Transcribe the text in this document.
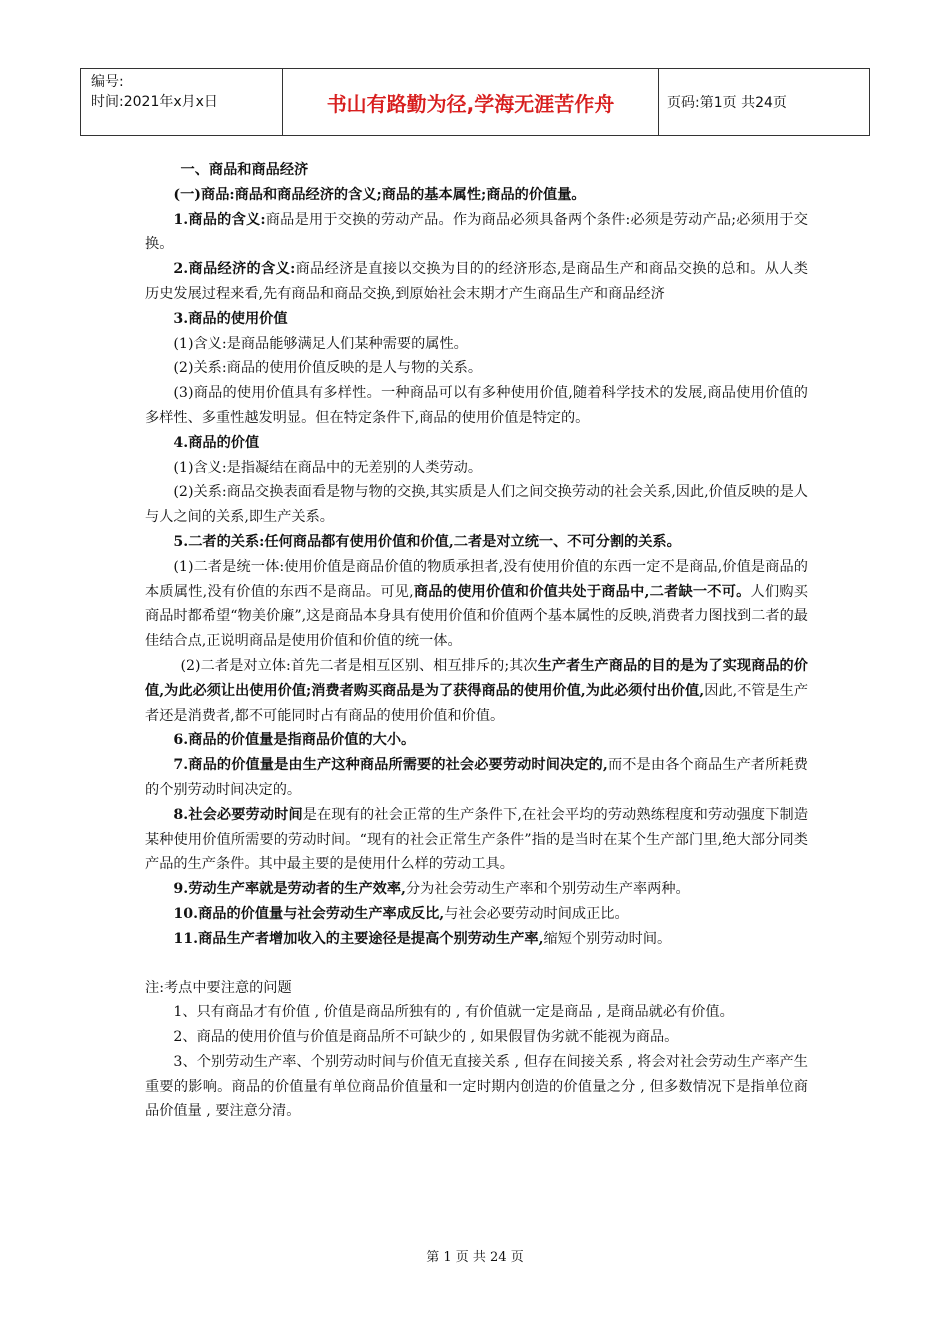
编号:
时间:2021年x月x日	书山有路勤为径,学海无涯苦作舟	页码:第1页 共24页

一、商品和商品经济

(一)商品:商品和商品经济的含义;商品的基本属性;商品的价值量。

1.商品的含义:商品是用于交换的劳动产品。作为商品必须具备两个条件:必须是劳动产品;必须用于交换。

2.商品经济的含义:商品经济是直接以交换为目的的经济形态,是商品生产和商品交换的总和。从人类历史发展过程来看,先有商品和商品交换,到原始社会末期才产生商品生产和商品经济

3.商品的使用价值

(1)含义:是商品能够满足人们某种需要的属性。

(2)关系:商品的使用价值反映的是人与物的关系。

(3)商品的使用价值具有多样性。一种商品可以有多种使用价值,随着科学技术的发展,商品使用价值的多样性、多重性越发明显。但在特定条件下,商品的使用价值是特定的。

4.商品的价值

(1)含义:是指凝结在商品中的无差别的人类劳动。

(2)关系:商品交换表面看是物与物的交换,其实质是人们之间交换劳动的社会关系,因此,价值反映的是人与人之间的关系,即生产关系。

5.二者的关系:任何商品都有使用价值和价值,二者是对立统一、不可分割的关系。

(1)二者是统一体:使用价值是商品价值的物质承担者,没有使用价值的东西一定不是商品,价值是商品的本质属性,没有价值的东西不是商品。可见,商品的使用价值和价值共处于商品中,二者缺一不可。人们购买商品时都希望“物美价廉”,这是商品本身具有使用价值和价值两个基本属性的反映,消费者力图找到二者的最佳结合点,正说明商品是使用价值和价值的统一体。

(2)二者是对立体:首先二者是相互区别、相互排斥的;其次生产者生产商品的目的是为了实现商品的价值,为此必须让出使用价值;消费者购买商品是为了获得商品的使用价值,为此必须付出价值,因此,不管是生产者还是消费者,都不可能同时占有商品的使用价值和价值。

6.商品的价值量是指商品价值的大小。

7.商品的价值量是由生产这种商品所需要的社会必要劳动时间决定的,而不是由各个商品生产者所耗费的个别劳动时间决定的。

8.社会必要劳动时间是在现有的社会正常的生产条件下,在社会平均的劳动熟练程度和劳动强度下制造某种使用价值所需要的劳动时间。“现有的社会正常生产条件”指的是当时在某个生产部门里,绝大部分同类产品的生产条件。其中最主要的是使用什么样的劳动工具。

9.劳动生产率就是劳动者的生产效率,分为社会劳动生产率和个别劳动生产率两种。

10.商品的价值量与社会劳动生产率成反比,与社会必要劳动时间成正比。

11.商品生产者增加收入的主要途径是提高个别劳动生产率,缩短个别劳动时间。

注:考点中要注意的问题

1、只有商品才有价值 , 价值是商品所独有的 , 有价值就一定是商品 , 是商品就必有价值。

2、商品的使用价值与价值是商品所不可缺少的 , 如果假冒伪劣就不能视为商品。

3、个别劳动生产率、个别劳动时间与价值无直接关系 , 但存在间接关系 , 将会对社会劳动生产率产生重要的影响。商品的价值量有单位商品价值量和一定时期内创造的价值量之分 , 但多数情况下是指单位商品价值量 , 要注意分清。

第 1 页 共 24 页
